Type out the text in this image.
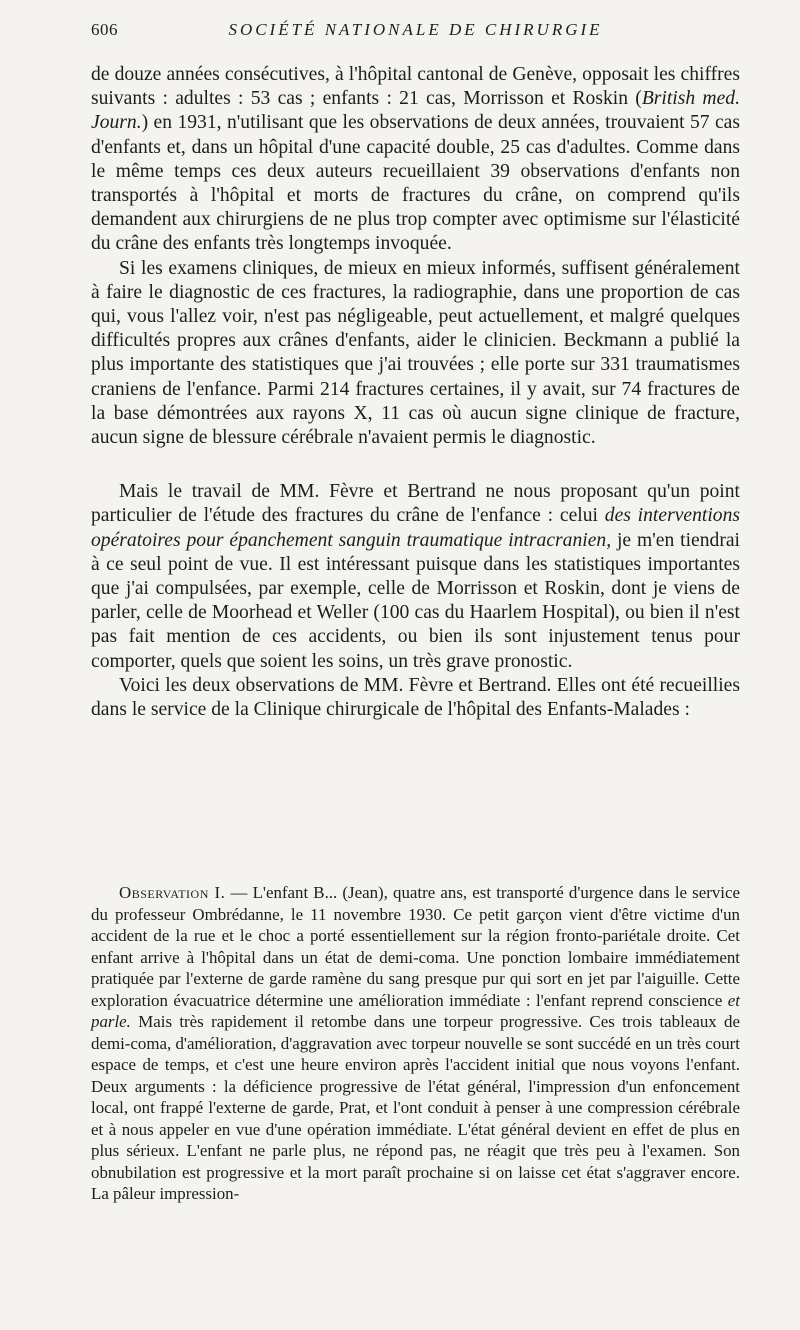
606	SOCIÉTÉ NATIONALE DE CHIRURGIE

de douze années consécutives, à l'hôpital cantonal de Genève, opposait les chiffres suivants : adultes : 53 cas ; enfants : 21 cas, Morrisson et Roskin (British med. Journ.) en 1931, n'utilisant que les observations de deux années, trouvaient 57 cas d'enfants et, dans un hôpital d'une capacité double, 25 cas d'adultes. Comme dans le même temps ces deux auteurs recueillaient 39 observations d'enfants non transportés à l'hôpital et morts de fractures du crâne, on comprend qu'ils demandent aux chirurgiens de ne plus trop compter avec optimisme sur l'élasticité du crâne des enfants très longtemps invoquée.

Si les examens cliniques, de mieux en mieux informés, suffisent généralement à faire le diagnostic de ces fractures, la radiographie, dans une proportion de cas qui, vous l'allez voir, n'est pas négligeable, peut actuellement, et malgré quelques difficultés propres aux crânes d'enfants, aider le clinicien. Beckmann a publié la plus importante des statistiques que j'ai trouvées ; elle porte sur 331 traumatismes craniens de l'enfance. Parmi 214 fractures certaines, il y avait, sur 74 fractures de la base démontrées aux rayons X, 11 cas où aucun signe clinique de fracture, aucun signe de blessure cérébrale n'avaient permis le diagnostic.

Mais le travail de MM. Fèvre et Bertrand ne nous proposant qu'un point particulier de l'étude des fractures du crâne de l'enfance : celui des interventions opératoires pour épanchement sanguin traumatique intracranien, je m'en tiendrai à ce seul point de vue. Il est intéressant puisque dans les statistiques importantes que j'ai compulsées, par exemple, celle de Morrisson et Roskin, dont je viens de parler, celle de Moorhead et Weller (100 cas du Haarlem Hospital), ou bien il n'est pas fait mention de ces accidents, ou bien ils sont injustement tenus pour comporter, quels que soient les soins, un très grave pronostic.

Voici les deux observations de MM. Fèvre et Bertrand. Elles ont été recueillies dans le service de la Clinique chirurgicale de l'hôpital des Enfants-Malades :

Observation I. — L'enfant B... (Jean), quatre ans, est transporté d'urgence dans le service du professeur Ombrédanne, le 11 novembre 1930. Ce petit garçon vient d'être victime d'un accident de la rue et le choc a porté essentiellement sur la région fronto-pariétale droite. Cet enfant arrive à l'hôpital dans un état de demi-coma. Une ponction lombaire immédiatement pratiquée par l'externe de garde ramène du sang presque pur qui sort en jet par l'aiguille. Cette exploration évacuatrice détermine une amélioration immédiate : l'enfant reprend conscience et parle. Mais très rapidement il retombe dans une torpeur progressive. Ces trois tableaux de demi-coma, d'amélioration, d'aggravation avec torpeur nouvelle se sont succédé en un très court espace de temps, et c'est une heure environ après l'accident initial que nous voyons l'enfant. Deux arguments : la déficience progressive de l'état général, l'impression d'un enfoncement local, ont frappé l'externe de garde, Prat, et l'ont conduit à penser à une compression cérébrale et à nous appeler en vue d'une opération immédiate. L'état général devient en effet de plus en plus sérieux. L'enfant ne parle plus, ne répond pas, ne réagit que très peu à l'examen. Son obnubilation est progressive et la mort paraît prochaine si on laisse cet état s'aggraver encore. La pâleur impression-
